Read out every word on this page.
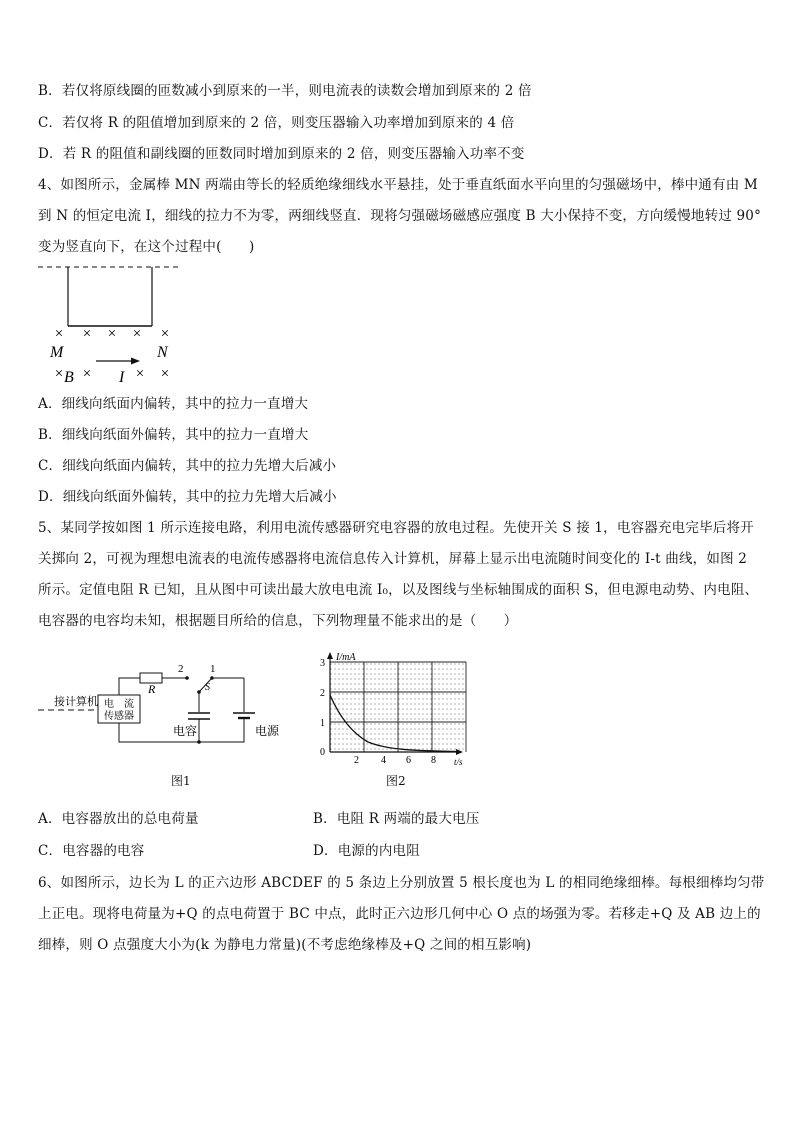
B．若仅将原线圈的匝数减小到原来的一半，则电流表的读数会增加到原来的 2 倍
C．若仅将 R 的阻值增加到原来的 2 倍，则变压器输入功率增加到原来的 4 倍
D．若 R 的阻值和副线圈的匝数同时增加到原来的 2 倍，则变压器输入功率不变
4、如图所示，金属棒 MN 两端由等长的轻质绝缘细线水平悬挂，处于垂直纸面水平向里的匀强磁场中，棒中通有由 M
到 N 的恒定电流 I，细线的拉力不为零，两细线竖直．现将匀强磁场磁感应强度 B 大小保持不变，方向缓慢地转过 90°
变为竖直向下，在这个过程中(　　)
× × × × ×
× ×	× ×
M	N
B	I
A．细线向纸面内偏转，其中的拉力一直增大
B．细线向纸面外偏转，其中的拉力一直增大
C．细线向纸面内偏转，其中的拉力先增大后减小
D．细线向纸面外偏转，其中的拉力先增大后减小
5、某同学按如图 1 所示连接电路，利用电流传感器研究电容器的放电过程。先使开关 S 接 1，电容器充电完毕后将开
关掷向 2，可视为理想电流表的电流传感器将电流信息传入计算机，屏幕上显示出电流随时间变化的 I-t 曲线，如图 2
所示。定值电阻 R 已知，且从图中可读出最大放电电流 I₀，以及图线与坐标轴围成的面积 S，但电源电动势、内电阻、
电容器的电容均未知，根据题目所给的信息，下列物理量不能求出的是（　　）
接计算机 电　流
传感器
R
2 1
S
电源
电容
图1
I/mA
t/s
0
1
2
3
2 4 6 8
图2
A．电容器放出的总电荷量	B．电阻 R 两端的最大电压
C．电容器的电容	D．电源的内电阻
6、如图所示，边长为 L 的正六边形 ABCDEF 的 5 条边上分别放置 5 根长度也为 L 的相同绝缘细棒。每根细棒均匀带
上正电。现将电荷量为+Q 的点电荷置于 BC 中点，此时正六边形几何中心 O 点的场强为零。若移走+Q 及 AB 边上的
细棒，则 O 点强度大小为(k 为静电力常量)(不考虑绝缘棒及+Q 之间的相互影响)
